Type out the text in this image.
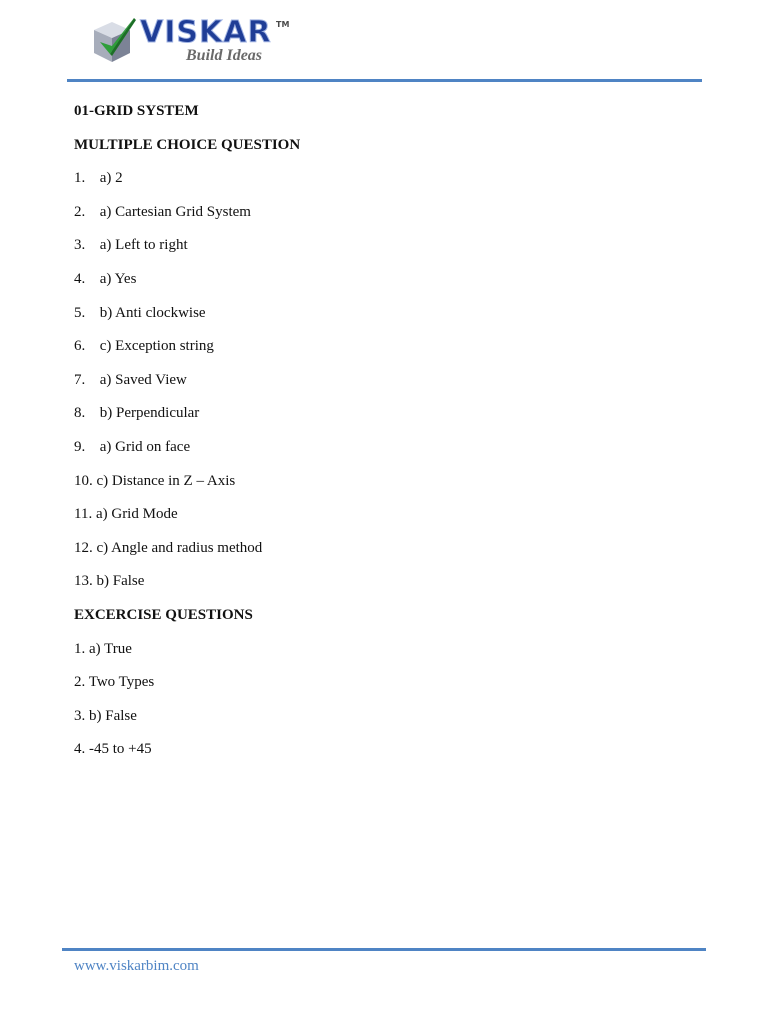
VISKAR TM
Build Ideas
01-GRID SYSTEM
MULTIPLE CHOICE QUESTION
1. a) 2
2. a) Cartesian Grid System
3. a) Left to right
4. a) Yes
5. b) Anti clockwise
6. c) Exception string
7. a) Saved View
8. b) Perpendicular
9. a) Grid on face
10. c) Distance in Z – Axis
11. a) Grid Mode
12. c) Angle and radius method
13. b) False
EXCERCISE QUESTIONS
1. a) True
2. Two Types
3. b) False
4. -45 to +45
www.viskarbim.com
